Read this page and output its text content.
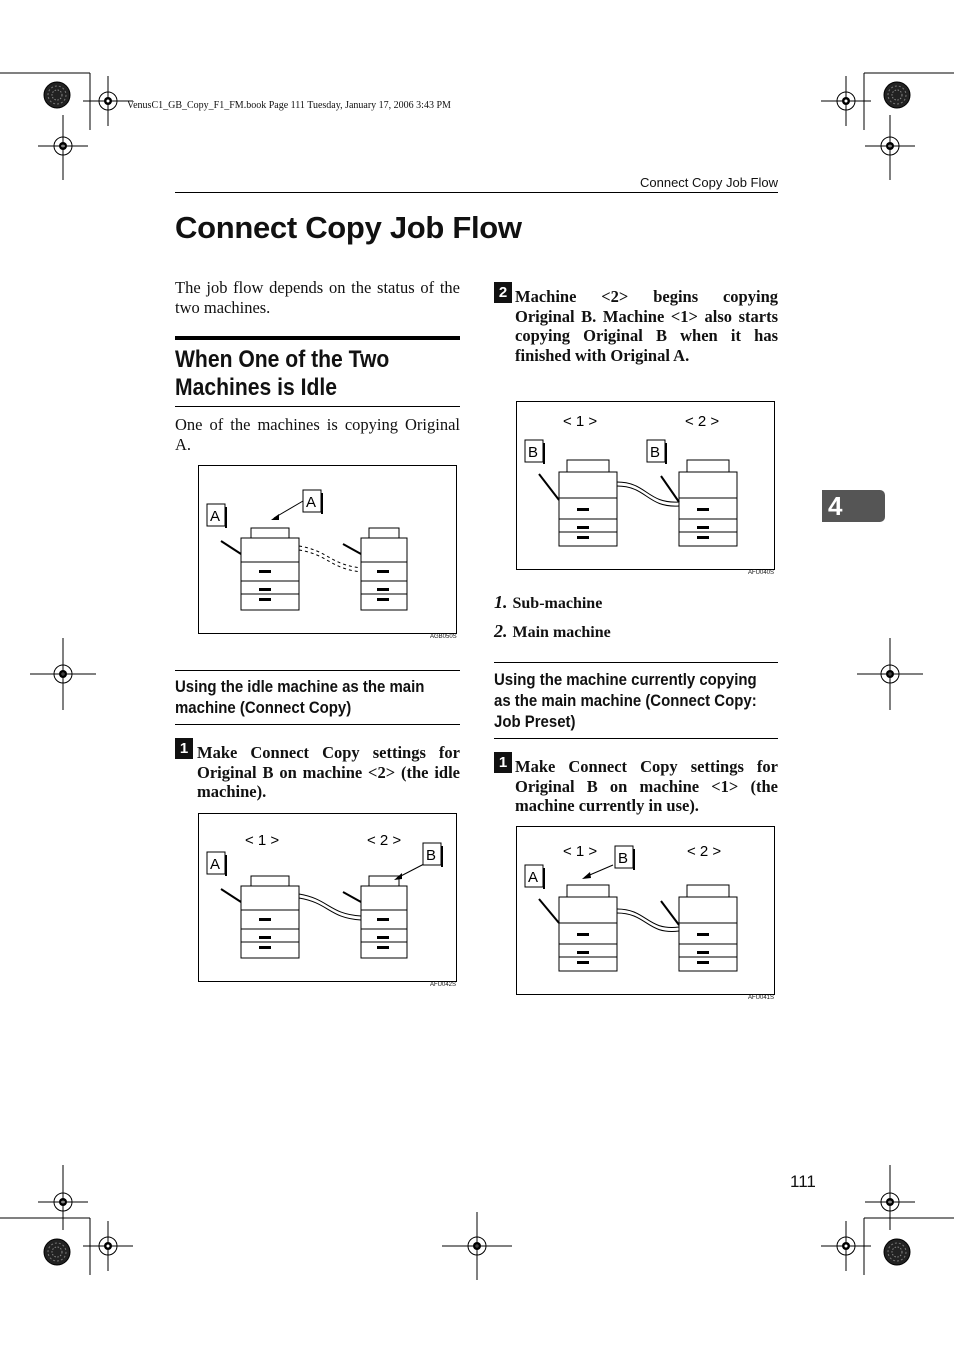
VenusC1_GB_Copy_F1_FM.book Page 111 Tuesday, January 17, 2006 3:43 PM
Connect Copy Job Flow
Connect Copy Job Flow
The job flow depends on the status of the two machines.
When One of the Two Machines is Idle
One of the machines is copying Original A.
A
A
AGB050S
Using the idle machine as the main machine (Connect Copy)
1 Make Connect Copy settings for Original B on machine <2> (the idle machine).
< 1 >	< 2 >
A
B
AFU042S
2 Machine <2> begins copying Original B. Machine <1> also starts copying Original B when it has finished with Original A.
< 1 >	< 2 >
B	B
AFU040S
1. Sub-machine
2. Main machine
Using the machine currently copying as the main machine (Connect Copy: Job Preset)
1 Make Connect Copy settings for Original B on machine <1> (the machine currently in use).
< 1 >	< 2 >
A
B
AFU041S
4
111
